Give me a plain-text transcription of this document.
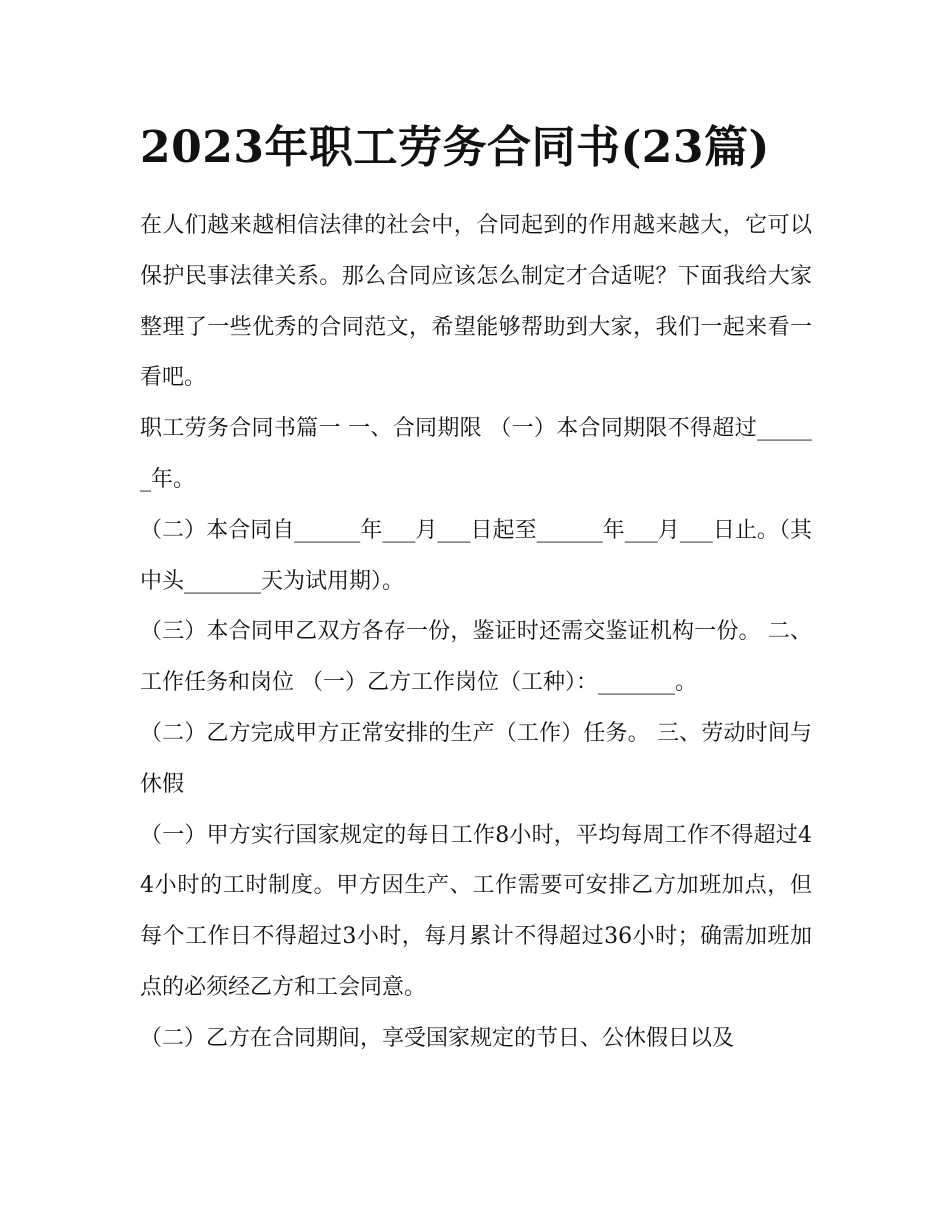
2023年职工劳务合同书(23篇)

在人们越来越相信法律的社会中，合同起到的作用越来越大，它可以保护民事法律关系。那么合同应该怎么制定才合适呢？下面我给大家整理了一些优秀的合同范文，希望能够帮助到大家，我们一起来看一看吧。

职工劳务合同书篇一 一、合同期限 （一）本合同期限不得超过______年。

（二）本合同自______年___月___日起至______年___月___日止。（其中头_______天为试用期）。

（三）本合同甲乙双方各存一份，鉴证时还需交鉴证机构一份。 二、工作任务和岗位 （一）乙方工作岗位（工种）：_______。

（二）乙方完成甲方正常安排的生产（工作）任务。 三、劳动时间与休假

（一）甲方实行国家规定的每日工作8小时，平均每周工作不得超过44小时的工时制度。甲方因生产、工作需要可安排乙方加班加点，但每个工作日不得超过3小时，每月累计不得超过36小时；确需加班加点的必须经乙方和工会同意。

（二）乙方在合同期间，享受国家规定的节日、公休假日以及
